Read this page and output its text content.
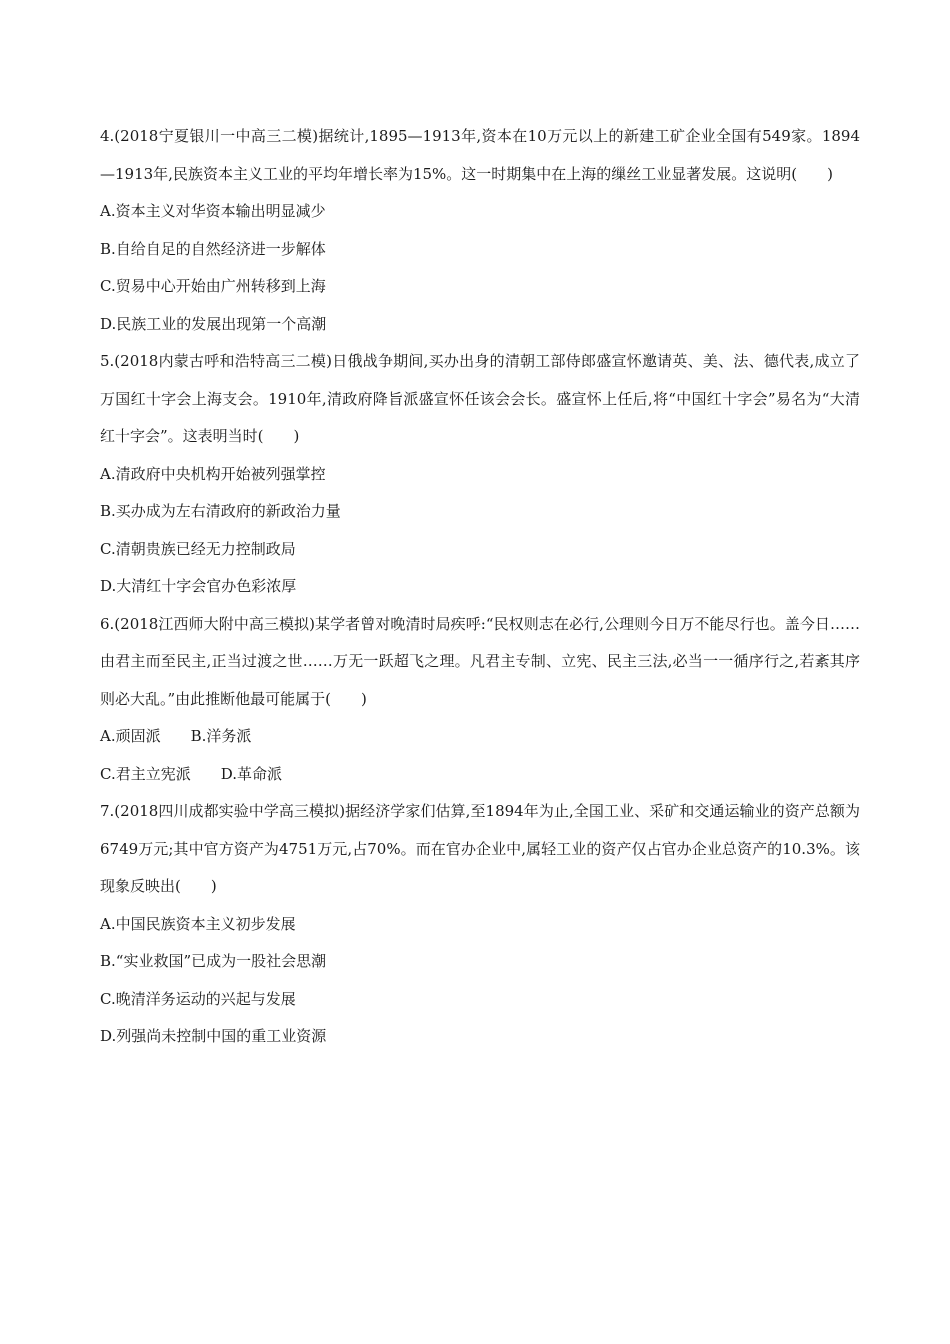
4.(2018宁夏银川一中高三二模)据统计,1895—1913年,资本在10万元以上的新建工矿企业全国有549家。1894—1913年,民族资本主义工业的平均年增长率为15%。这一时期集中在上海的缫丝工业显著发展。这说明(　　)

A.资本主义对华资本输出明显减少

B.自给自足的自然经济进一步解体

C.贸易中心开始由广州转移到上海

D.民族工业的发展出现第一个高潮

5.(2018内蒙古呼和浩特高三二模)日俄战争期间,买办出身的清朝工部侍郎盛宣怀邀请英、美、法、德代表,成立了万国红十字会上海支会。1910年,清政府降旨派盛宣怀任该会会长。盛宣怀上任后,将“中国红十字会”易名为“大清红十字会”。这表明当时(　　)

A.清政府中央机构开始被列强掌控

B.买办成为左右清政府的新政治力量

C.清朝贵族已经无力控制政局

D.大清红十字会官办色彩浓厚

6.(2018江西师大附中高三模拟)某学者曾对晚清时局疾呼:“民权则志在必行,公理则今日万不能尽行也。盖今日……由君主而至民主,正当过渡之世……万无一跃超飞之理。凡君主专制、立宪、民主三法,必当一一循序行之,若紊其序则必大乱。”由此推断他最可能属于(　　)

A.顽固派 B.洋务派

C.君主立宪派 D.革命派

7.(2018四川成都实验中学高三模拟)据经济学家们估算,至1894年为止,全国工业、采矿和交通运输业的资产总额为6749万元;其中官方资产为4751万元,占70%。而在官办企业中,属轻工业的资产仅占官办企业总资产的10.3%。该现象反映出(　　)

A.中国民族资本主义初步发展

B.“实业救国”已成为一股社会思潮

C.晚清洋务运动的兴起与发展

D.列强尚未控制中国的重工业资源
